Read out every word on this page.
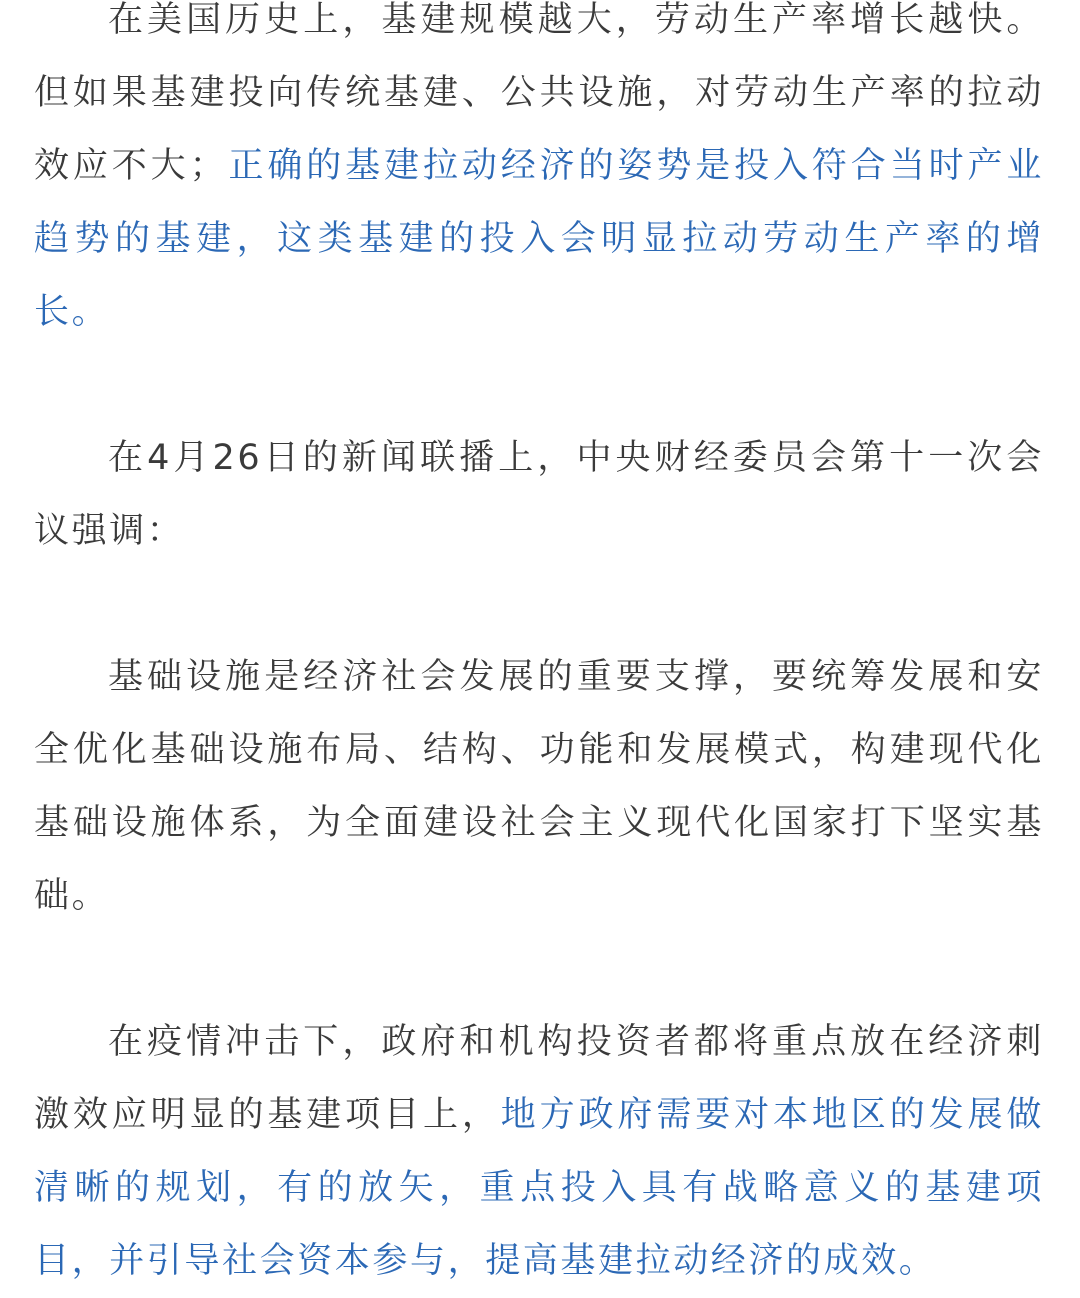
在美国历史上，基建规模越大，劳动生产率增长越快。但如果基建投向传统基建、公共设施，对劳动生产率的拉动效应不大；正确的基建拉动经济的姿势是投入符合当时产业趋势的基建，这类基建的投入会明显拉动劳动生产率的增长。

在4月26日的新闻联播上，中央财经委员会第十一次会议强调：

基础设施是经济社会发展的重要支撑，要统筹发展和安全优化基础设施布局、结构、功能和发展模式，构建现代化基础设施体系，为全面建设社会主义现代化国家打下坚实基础。

在疫情冲击下，政府和机构投资者都将重点放在经济刺激效应明显的基建项目上，地方政府需要对本地区的发展做清晰的规划，有的放矢，重点投入具有战略意义的基建项目，并引导社会资本参与，提高基建拉动经济的成效。
